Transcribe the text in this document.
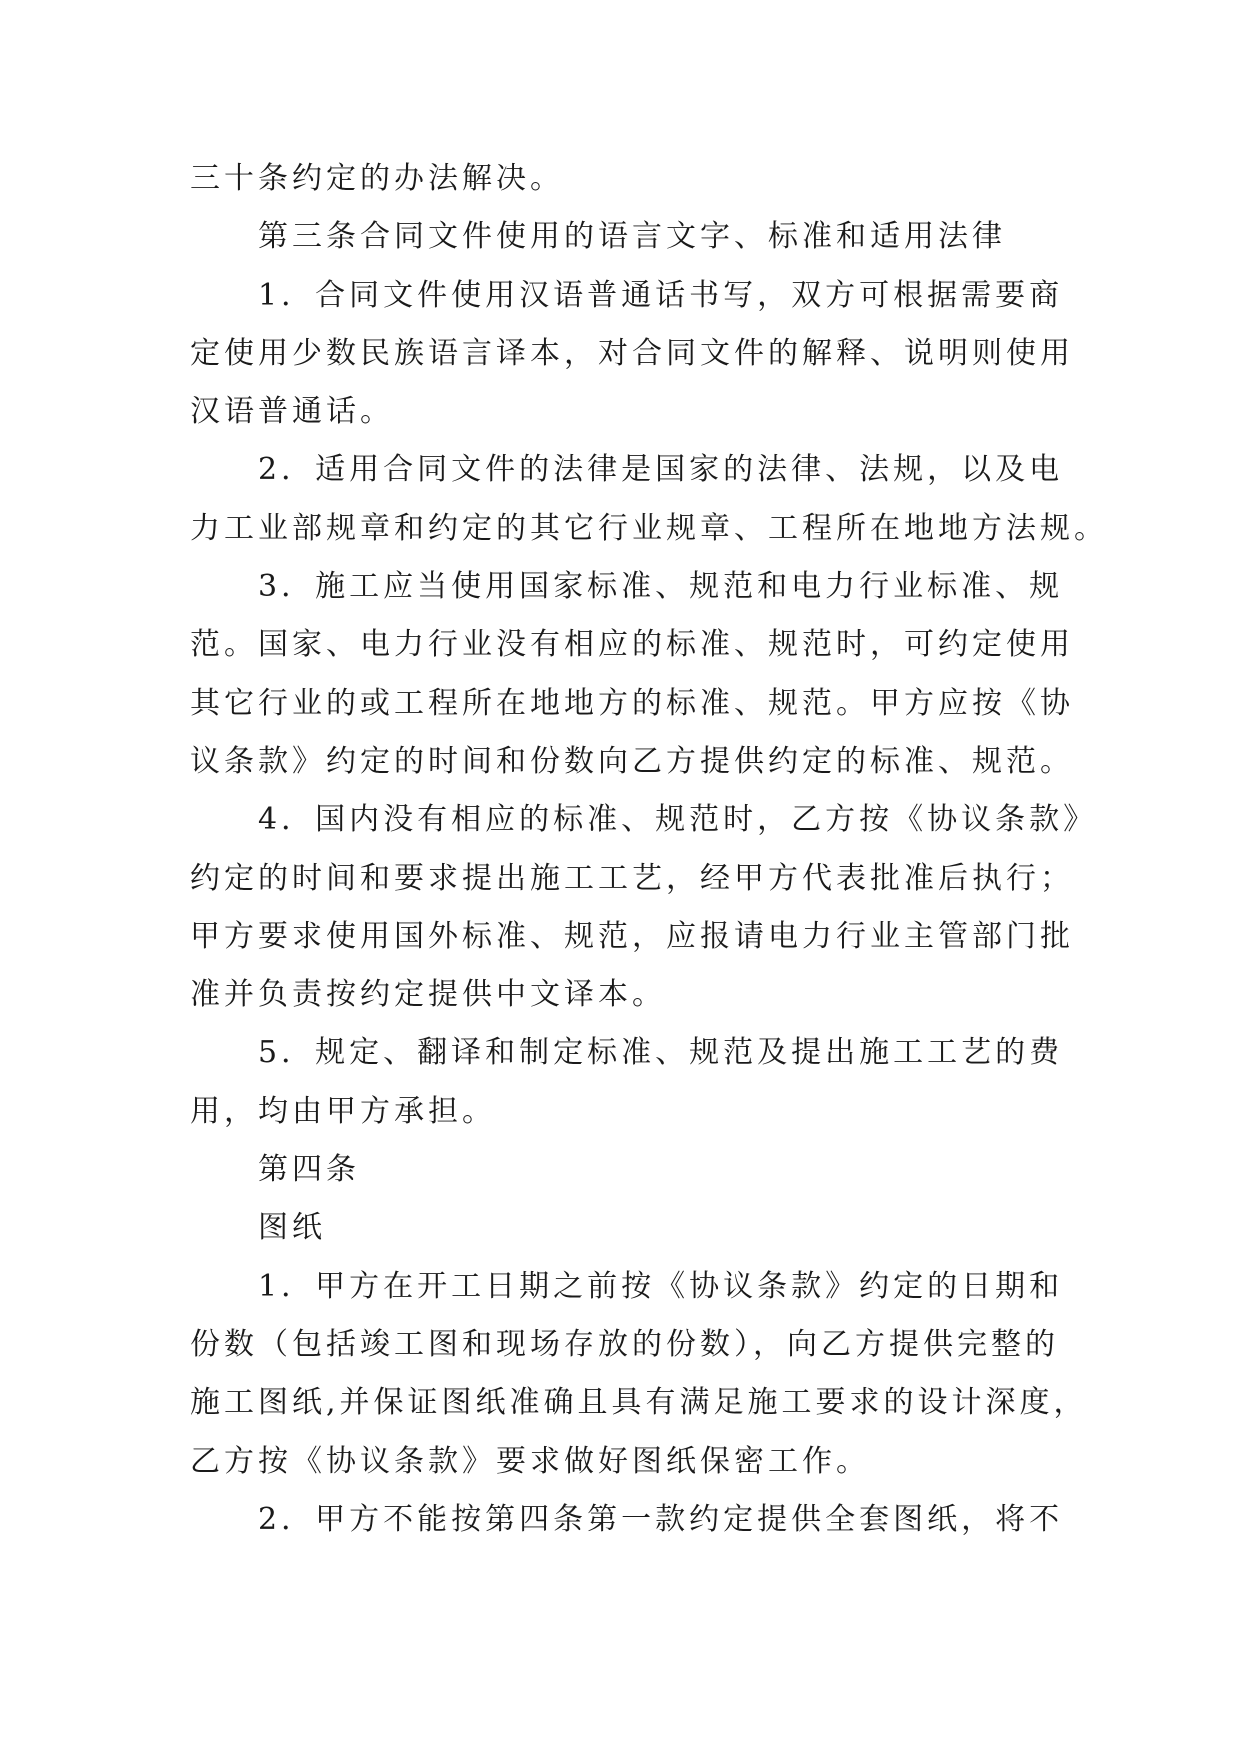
三十条约定的办法解决。
第三条合同文件使用的语言文字、标准和适用法律
1．合同文件使用汉语普通话书写，双方可根据需要商
定使用少数民族语言译本，对合同文件的解释、说明则使用
汉语普通话。
2．适用合同文件的法律是国家的法律、法规，以及电
力工业部规章和约定的其它行业规章、工程所在地地方法规。
3．施工应当使用国家标准、规范和电力行业标准、规
范。国家、电力行业没有相应的标准、规范时，可约定使用
其它行业的或工程所在地地方的标准、规范。甲方应按《协
议条款》约定的时间和份数向乙方提供约定的标准、规范。
4．国内没有相应的标准、规范时，乙方按《协议条款》
约定的时间和要求提出施工工艺，经甲方代表批准后执行；
甲方要求使用国外标准、规范，应报请电力行业主管部门批
准并负责按约定提供中文译本。
5．规定、翻译和制定标准、规范及提出施工工艺的费
用，均由甲方承担。
第四条
图纸
1．甲方在开工日期之前按《协议条款》约定的日期和
份数（包括竣工图和现场存放的份数），向乙方提供完整的
施工图纸,并保证图纸准确且具有满足施工要求的设计深度，
乙方按《协议条款》要求做好图纸保密工作。
2．甲方不能按第四条第一款约定提供全套图纸，将不
